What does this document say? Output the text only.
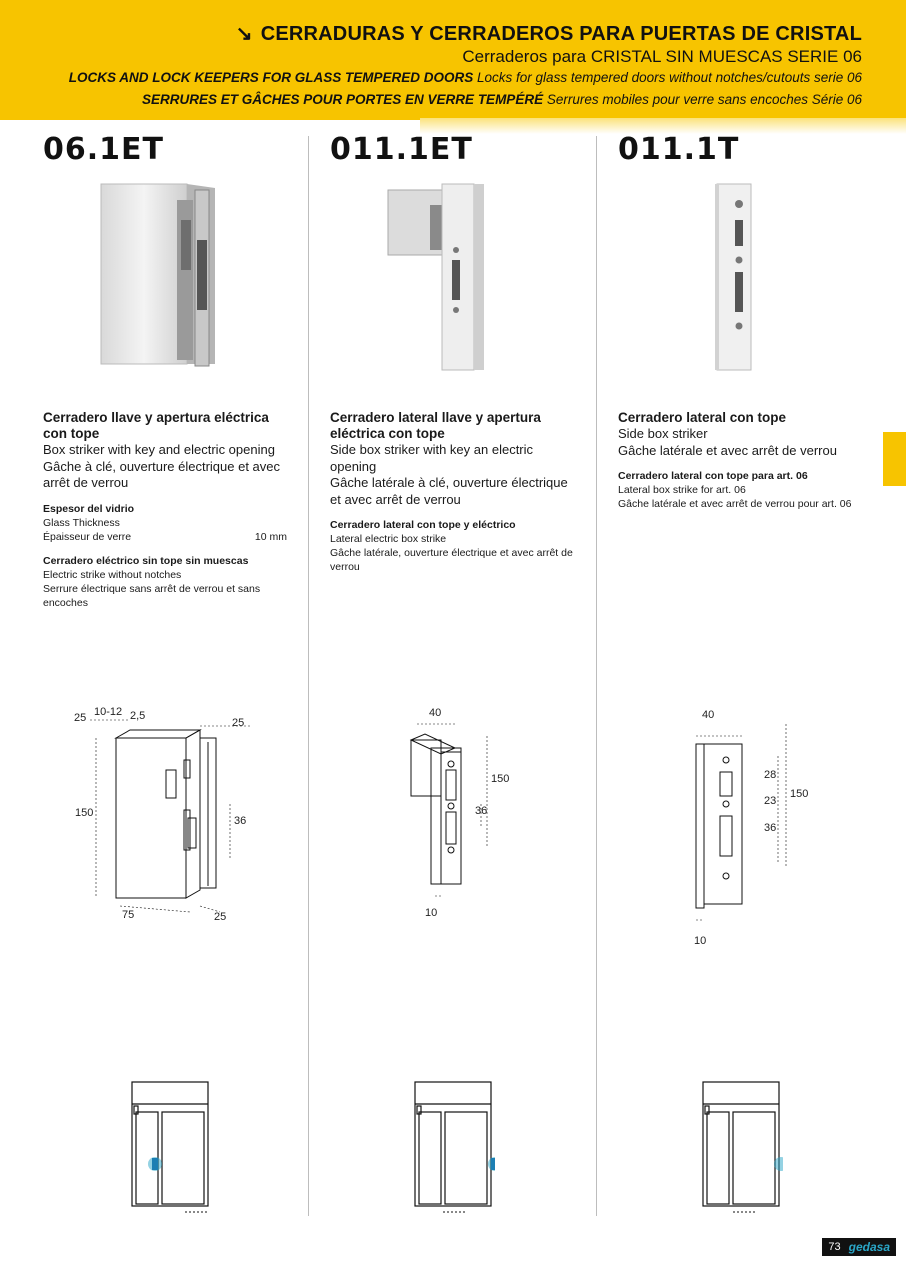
↘ CERRADURAS Y CERRADEROS PARA PUERTAS DE CRISTAL
Cerraderos para CRISTAL SIN MUESCAS SERIE 06
LOCKS AND LOCK KEEPERS FOR GLASS TEMPERED DOORS Locks for glass tempered doors without notches/cutouts serie 06
SERRURES ET GÂCHES POUR PORTES EN VERRE TEMPÉRÉ Serrures mobiles pour verre sans encoches Série 06
06.1ET	011.1ET	011.1T
Cerradero llave y apertura eléctrica con tope
Box striker with key and electric opening
Gâche à clé, ouverture électrique et avec arrêt de verrou
Espesor del vidrio
Glass Thickness
Épaisseur de verre	10 mm
Cerradero eléctrico sin tope sin muescas
Electric strike without notches
Serrure électrique sans arrêt de verrou et sans encoches
Cerradero lateral llave y apertura eléctrica con tope
Side box striker with key an electric opening
Gâche latérale à clé, ouverture électrique et avec arrêt de verrou
Cerradero lateral con tope y eléctrico
Lateral electric box strike
Gâche latérale, ouverture électrique et avec arrêt de verrou
Cerradero lateral con tope
Side box striker
Gâche latérale et avec arrêt de verrou
Cerradero lateral con tope para art. 06
Lateral box strike for art. 06
Gâche latérale et avec arrêt de verrou pour art. 06
25 10-12 2,5
25
150
36
75	25
40
150
36
10
40
28
23
150
36
10
73 gedasa
